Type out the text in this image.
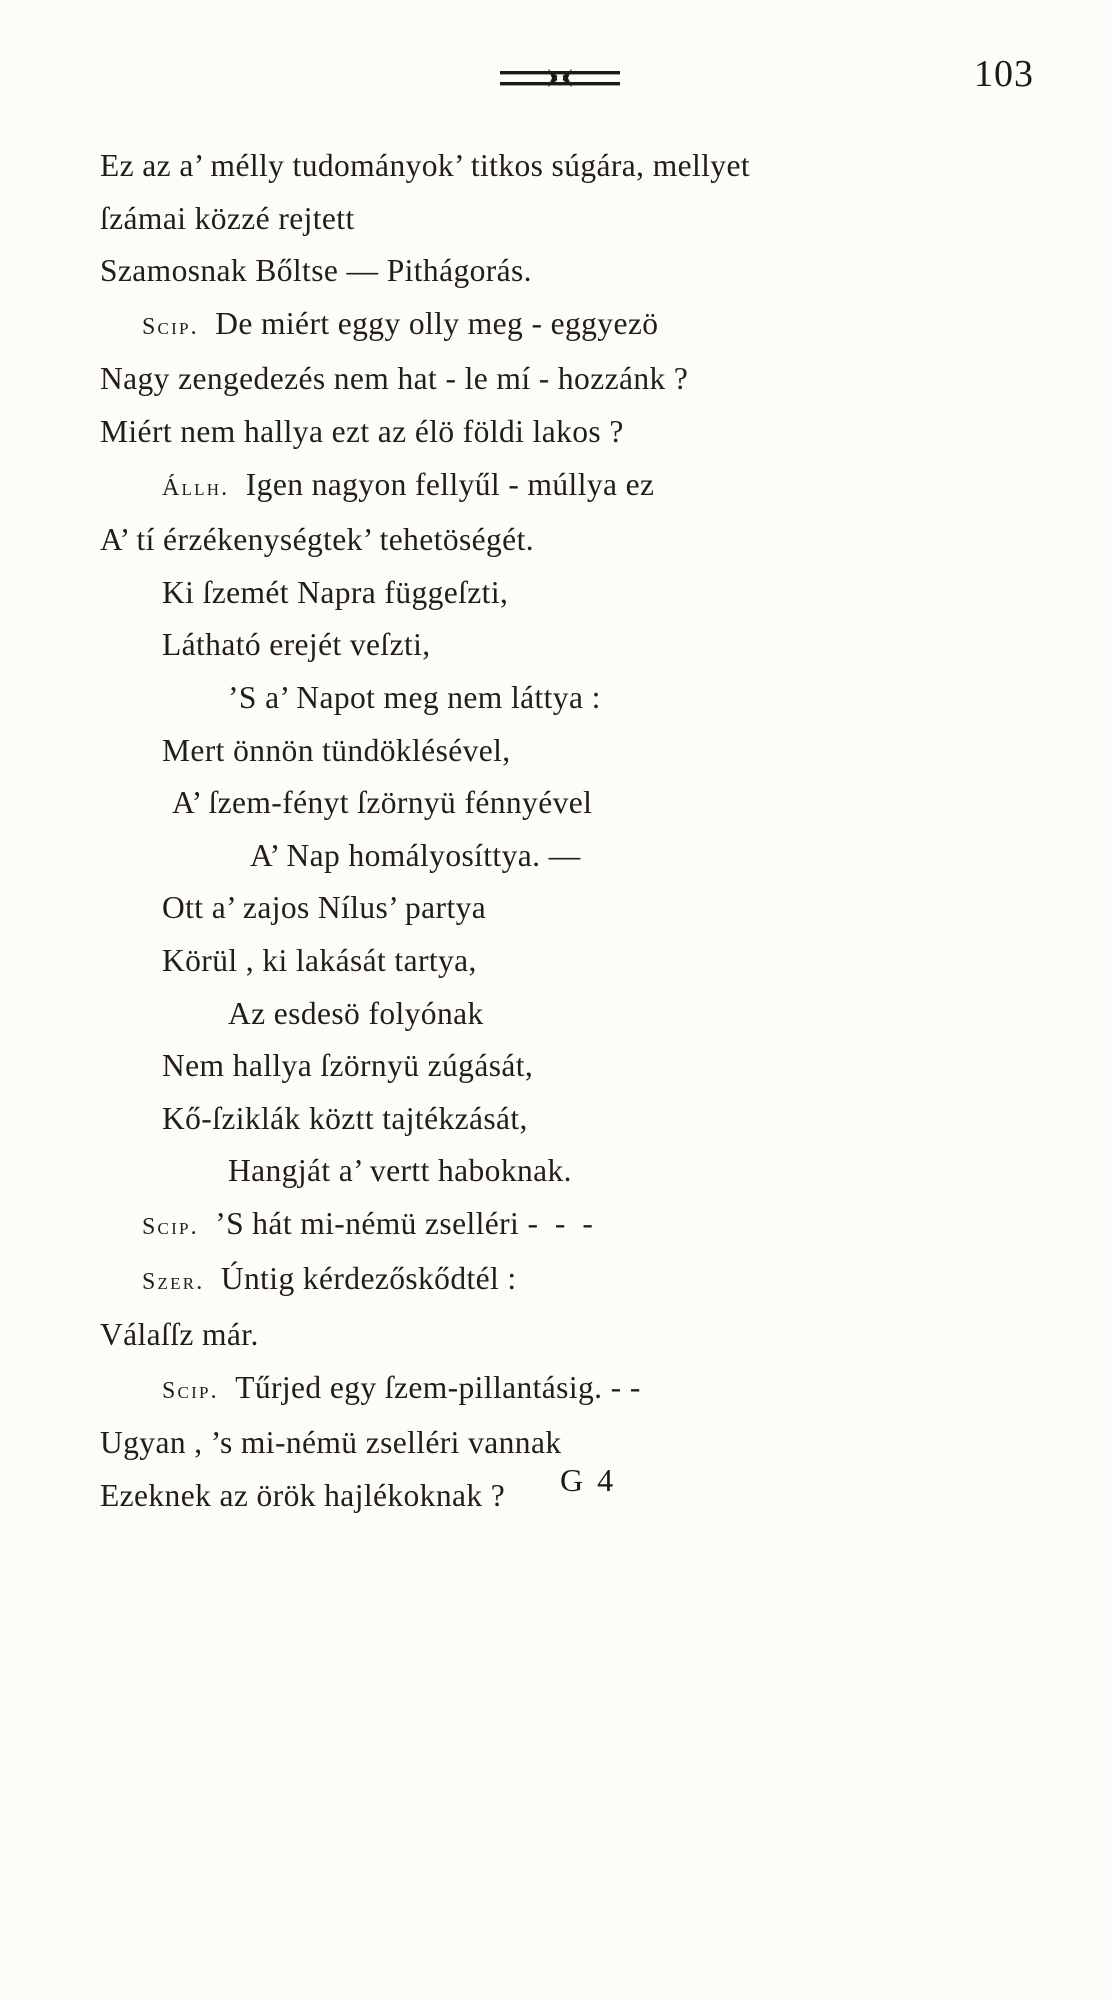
103
Ez az a’ mélly tudományok’ titkos súgára, mellyet
ſzámai közzé rejtett
Szamosnak Bőltse — Pithágorás.
Scip.  De miért eggy olly meg - eggyezö
Nagy zengedezés nem hat - le mí - hozzánk ?
Miért nem hallya ezt az élö földi lakos ?
Állh.  Igen nagyon fellyűl - múllya ez
A’ tí érzékenységtek’ tehetöségét.
Ki ſzemét Napra függeſzti,
Látható erejét veſzti,
’S a’ Napot meg nem láttya :
Mert önnön tündöklésével,
A’ ſzem-fényt ſzörnyü fénnyével
A’ Nap homályosíttya. —
Ott a’ zajos Nílus’ partya
Körül , ki lakását tartya,
Az esdesö folyónak
Nem hallya ſzörnyü zúgását,
Kő-ſziklák köztt tajtékzását,
Hangját a’ vertt haboknak.
Scip.  ’S hát mi-némü zselléri -  -  -
Szer.  Úntig kérdezőskődtél :
Válaſſz már.
Scip.  Tűrjed egy ſzem-pillantásig. - -
Ugyan , ’s mi-némü zselléri vannak
Ezeknek az örök hajlékoknak ?	G 4
